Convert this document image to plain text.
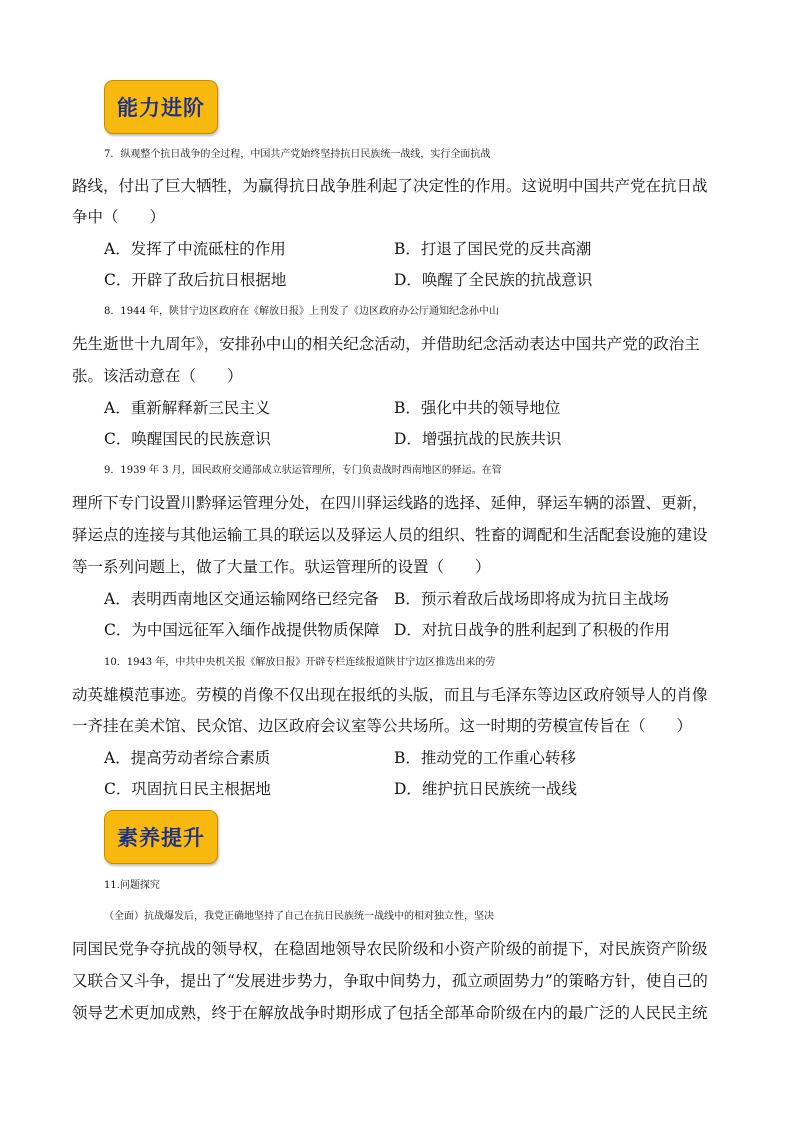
能力进阶
7．纵观整个抗日战争的全过程，中国共产党始终坚持抗日民族统一战线，实行全面抗战
路线，付出了巨大牺牲，为赢得抗日战争胜利起了决定性的作用。这说明中国共产党在抗日战
争中（　　）
A．发挥了中流砥柱的作用	B．打退了国民党的反共高潮
C．开辟了敌后抗日根据地	D．唤醒了全民族的抗战意识
8．1944 年，陕甘宁边区政府在《解放日报》上刊发了《边区政府办公厅通知纪念孙中山
先生逝世十九周年》，安排孙中山的相关纪念活动，并借助纪念活动表达中国共产党的政治主
张。该活动意在（　　）
A．重新解释新三民主义	B．强化中共的领导地位
C．唤醒国民的民族意识	D．增强抗战的民族共识
9．1939 年 3 月，国民政府交通部成立驮运管理所，专门负责战时西南地区的驿运。在管
理所下专门设置川黔驿运管理分处，在四川驿运线路的选择、延伸，驿运车辆的添置、更新，
驿运点的连接与其他运输工具的联运以及驿运人员的组织、牲畜的调配和生活配套设施的建设
等一系列问题上，做了大量工作。驮运管理所的设置（　　）
A．表明西南地区交通运输网络已经完备 B．预示着敌后战场即将成为抗日主战场
C．为中国远征军入缅作战提供物质保障 D．对抗日战争的胜利起到了积极的作用
10．1943 年，中共中央机关报《解放日报》开辟专栏连续报道陕甘宁边区推选出来的劳
动英雄模范事迹。劳模的肖像不仅出现在报纸的头版，而且与毛泽东等边区政府领导人的肖像
一齐挂在美术馆、民众馆、边区政府会议室等公共场所。这一时期的劳模宣传旨在（　　）
A．提高劳动者综合素质	B．推动党的工作重心转移
C．巩固抗日民主根据地	D．维护抗日民族统一战线
素养提升
11.问题探究
（全面）抗战爆发后，我党正确地坚持了自己在抗日民族统一战线中的相对独立性，坚决
同国民党争夺抗战的领导权，在稳固地领导农民阶级和小资产阶级的前提下，对民族资产阶级
又联合又斗争，提出了“发展进步势力，争取中间势力，孤立顽固势力”的策略方针，使自己的
领导艺术更加成熟，终于在解放战争时期形成了包括全部革命阶级在内的最广泛的人民民主统
